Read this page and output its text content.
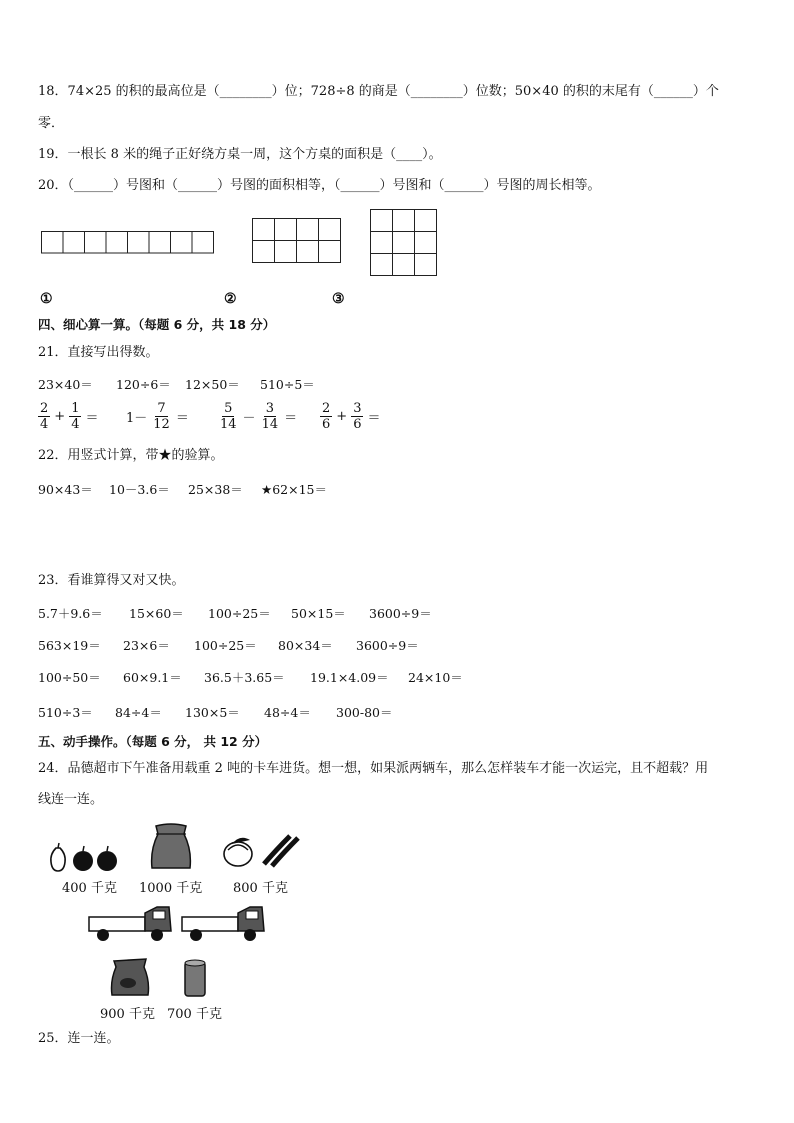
18．74×25 的积的最高位是（________）位；728÷8 的商是（________）位数；50×40 的积的末尾有（______）个
零．
19．一根长 8 米的绳子正好绕方桌一周，这个方桌的面积是（____）。
20．（______）号图和（______）号图的面积相等，（______）号图和（______）号图的周长相等。
①	②	③
四、细心算一算。（每题 6 分，共 18 分）
21．直接写出得数。
23×40＝ 120÷6＝ 12×50＝ 510÷5＝
$\frac{2}{4} + \frac{1}{4} = 1- \frac{7}{12} = \frac{5}{14} - \frac{3}{14} = \frac{2}{6} + \frac{3}{6}$ ＝
22．用竖式计算，带★的验算。
90×43＝ 10－3.6＝ 25×38＝ ★62×15＝
23．看谁算得又对又快。
5.7＋9.6＝ 15×60＝ 100÷25＝ 50×15＝ 3600÷9＝
563×19＝ 23×6＝ 100÷25＝ 80×34＝ 3600÷9＝
100÷50＝ 60×9.1＝ 36.5＋3.65＝ 19.1×4.09＝ 24×10＝
510÷3＝ 84÷4＝ 130×5＝ 48÷4＝ 300-80＝
五、动手操作。（每题 6 分， 共 12 分）
24．品德超市下午准备用载重 2 吨的卡车进货。想一想，如果派两辆车，那么怎样装车才能一次运完，且不超载？用
线连一连。
400 千克 1000 千克 800 千克
900 千克 700 千克
25．连一连。
